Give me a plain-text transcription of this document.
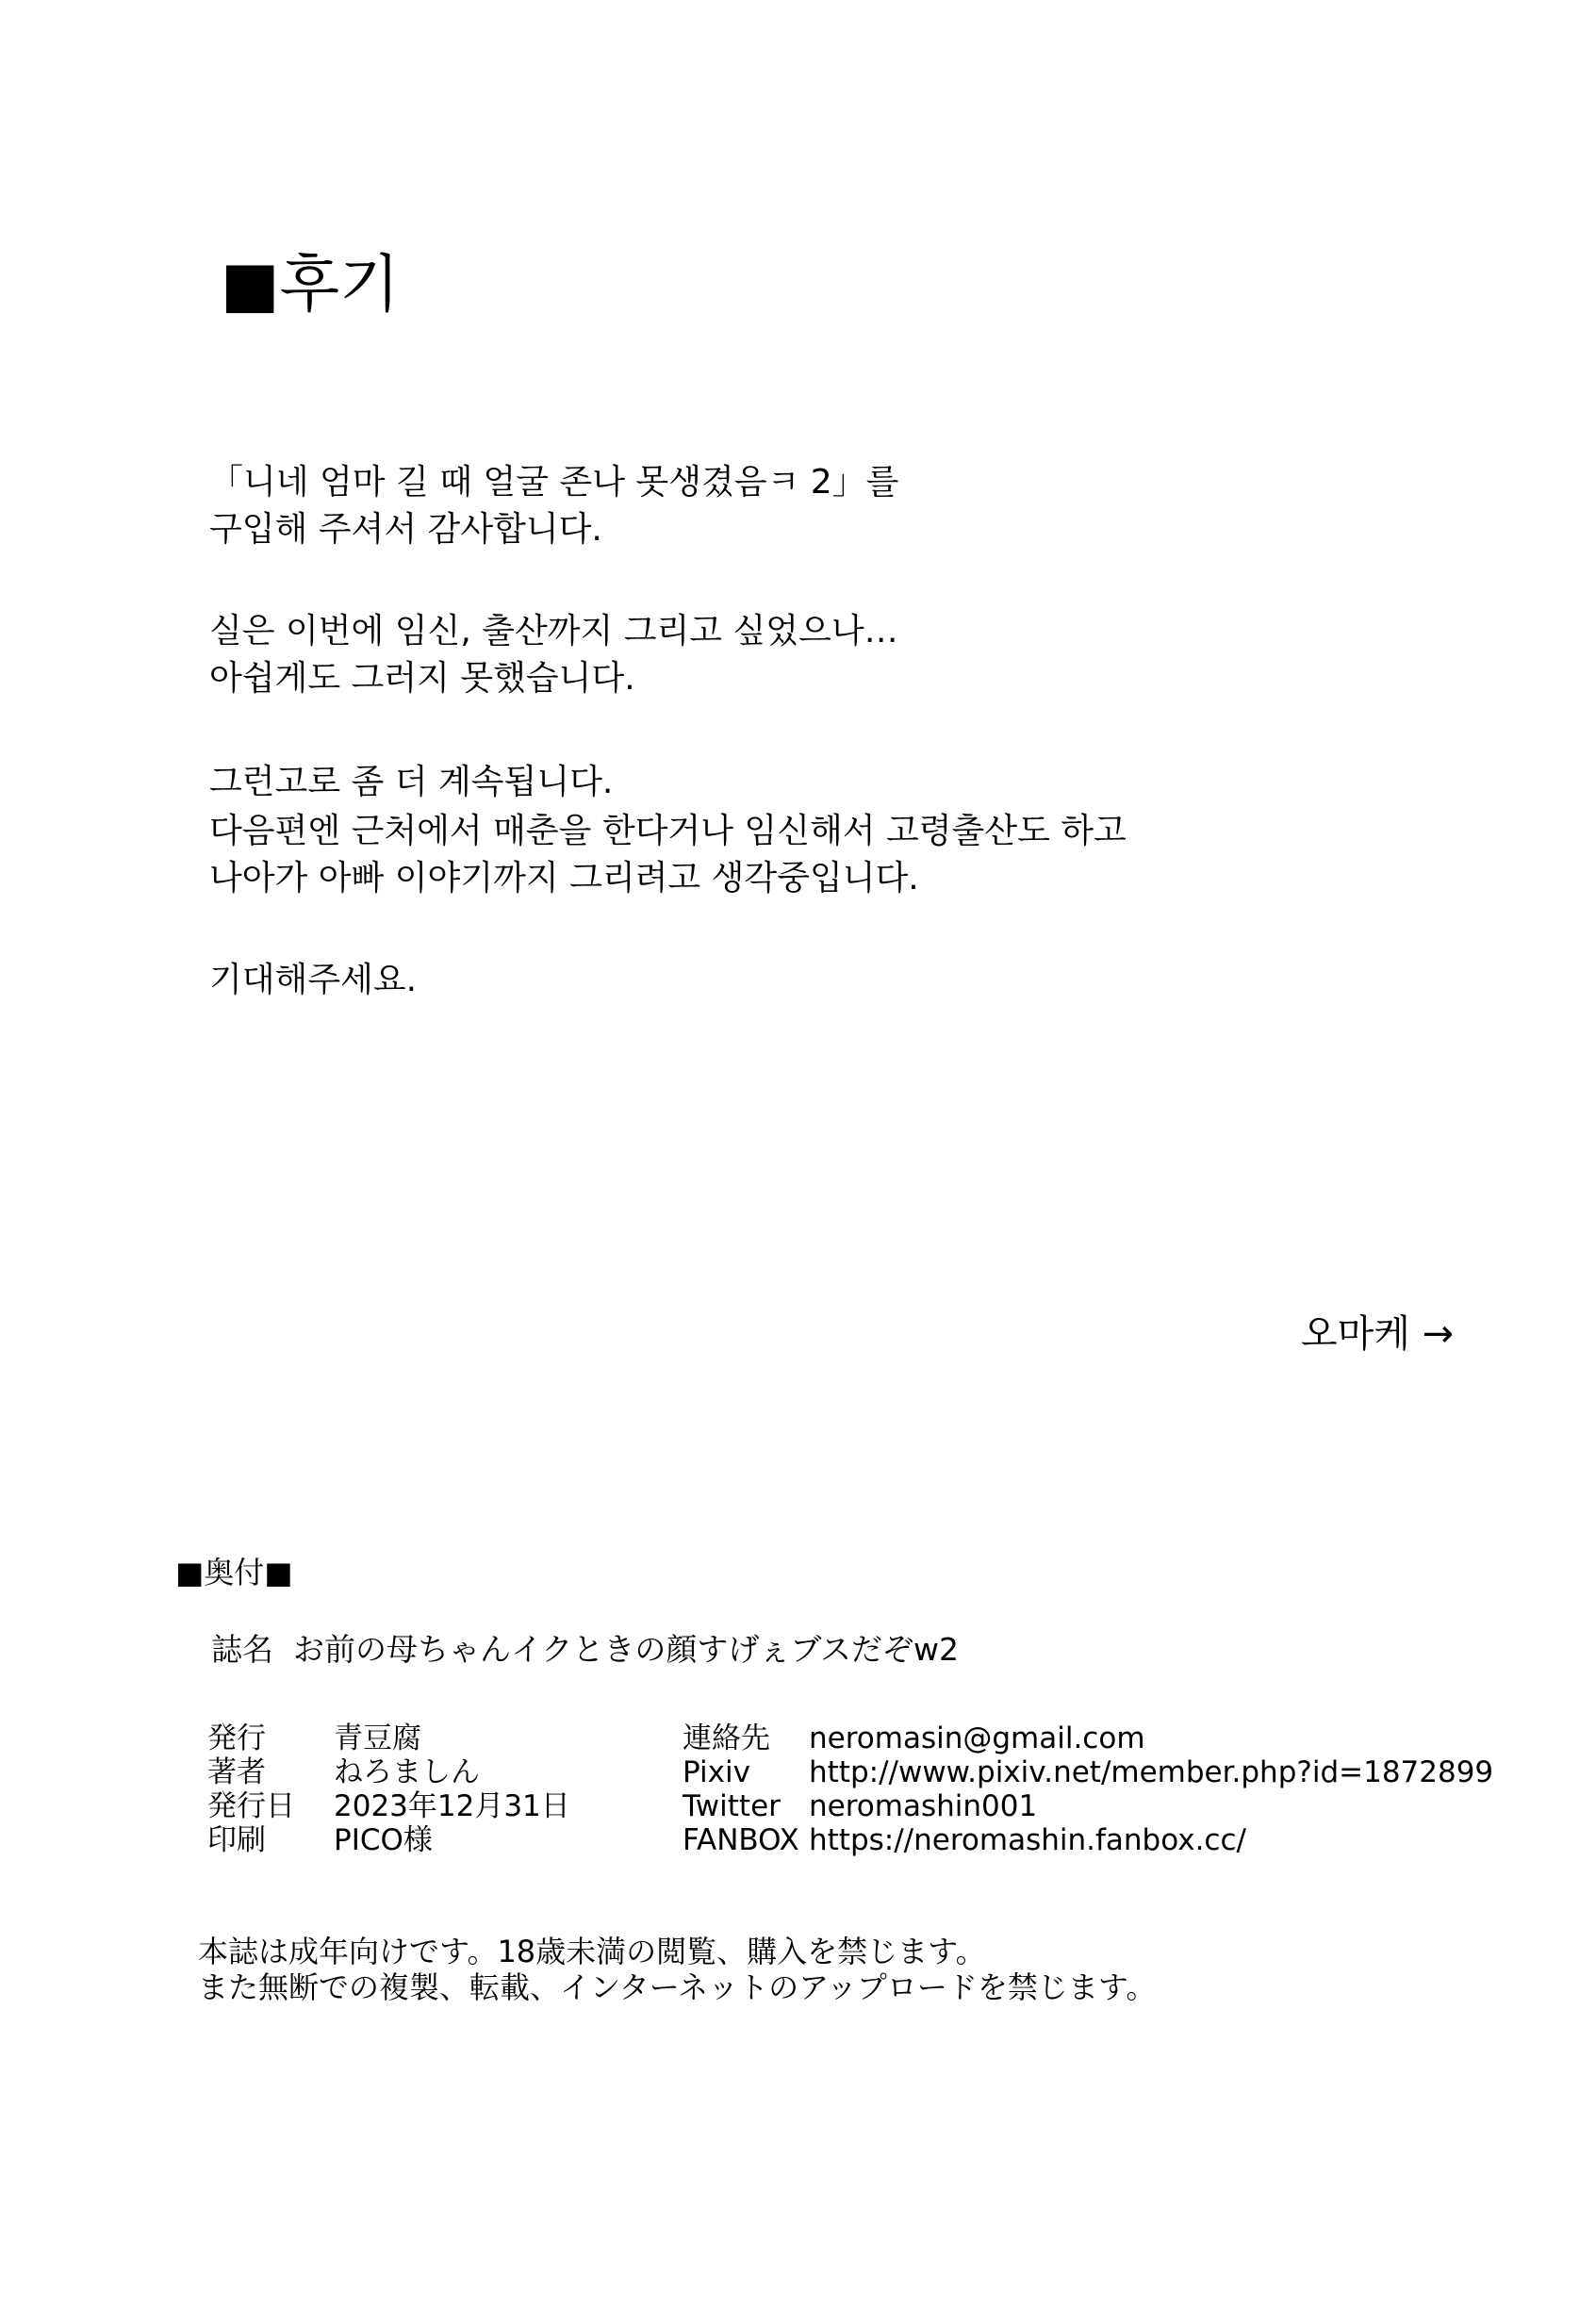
■후기
「니네 엄마 길 때 얼굴 존나 못생겼음ㅋ 2」를
구입해 주셔서 감사합니다.
실은 이번에 임신, 출산까지 그리고 싶었으나…
아쉽게도 그러지 못했습니다.
그런고로 좀 더 계속됩니다.
다음편엔 근처에서 매춘을 한다거나 임신해서 고령출산도 하고
나아가 아빠 이야기까지 그리려고 생각중입니다.
기대해주세요.
오마케 →
■奥付■
誌名 お前の母ちゃんイクときの顔すげぇブスだぞw2
発行 青豆腐
著者 ねろましん
発行日 2023年12月31日
印刷 PICO様
連絡先 neromasin@gmail.com
Pixiv http://www.pixiv.net/member.php?id=1872899
Twitter neromashin001
FANBOX https://neromashin.fanbox.cc/
本誌は成年向けです。18歳未満の閲覧、購入を禁じます。
また無断での複製、転載、インターネットのアップロードを禁じます。
